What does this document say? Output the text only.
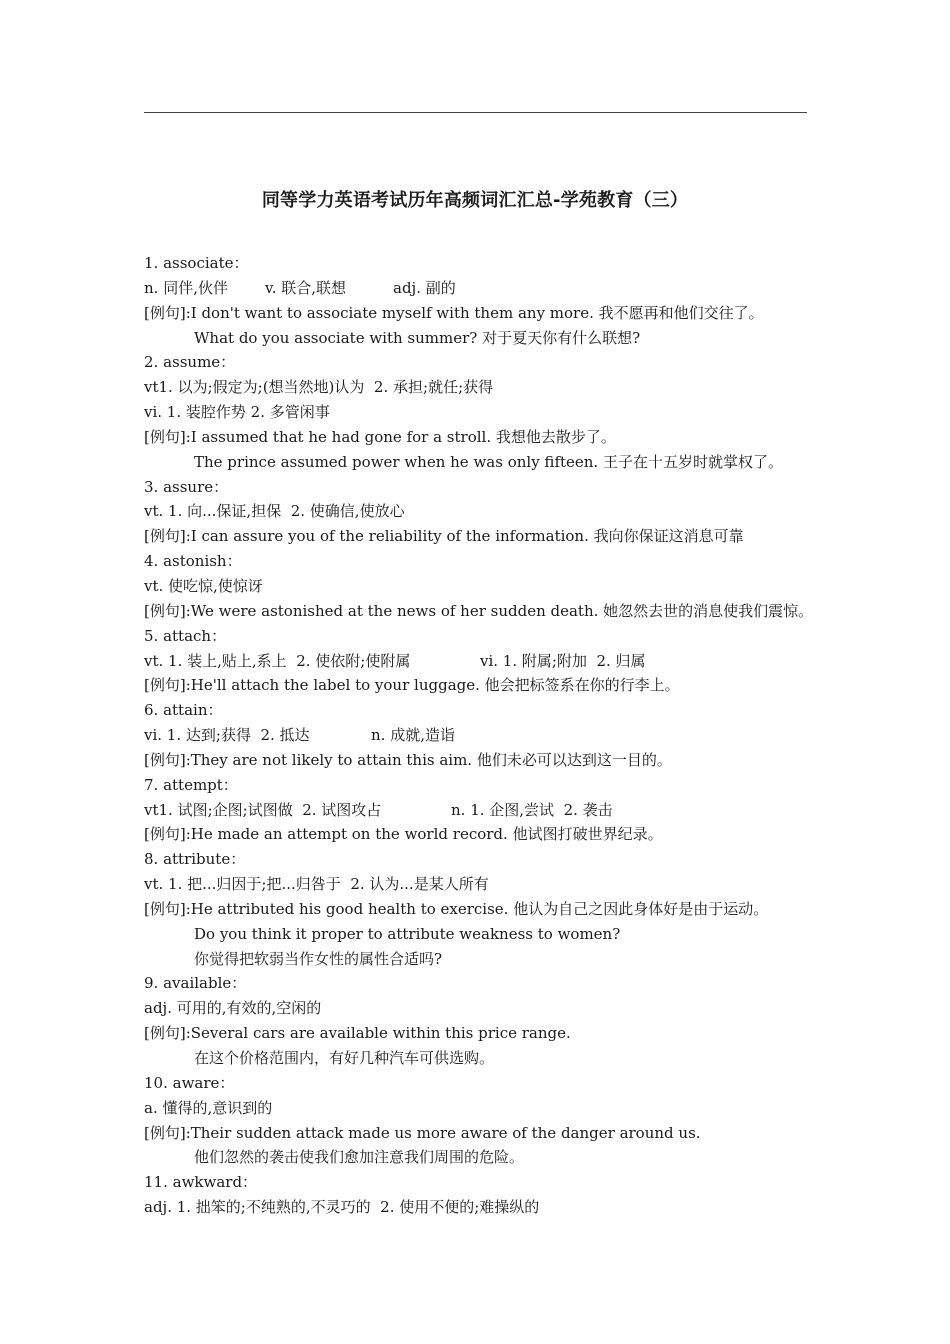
同等学力英语考试历年高频词汇汇总-学苑教育（三）
1. associate：
n. 同伴,伙伴 v. 联合,联想	adj. 副的
[例句]:I don't want to associate myself with them any more. 我不愿再和他们交往了。
What do you associate with summer? 对于夏天你有什么联想?
2. assume：
vt1. 以为;假定为;(想当然地)认为  2. 承担;就任;获得
vi. 1. 装腔作势 2. 多管闲事
[例句]:I assumed that he had gone for a stroll. 我想他去散步了。
The prince assumed power when he was only fifteen. 王子在十五岁时就掌权了。
3. assure：
vt. 1. 向...保证,担保  2. 使确信,使放心
[例句]:I can assure you of the reliability of the information. 我向你保证这消息可靠
4. astonish：
vt. 使吃惊,使惊讶
[例句]:We were astonished at the news of her sudden death. 她忽然去世的消息使我们震惊。
5. attach：
vt. 1. 装上,贴上,系上  2. 使依附;使附属	vi. 1. 附属;附加  2. 归属
[例句]:He'll attach the label to your luggage. 他会把标签系在你的行李上。
6. attain：
vi. 1. 达到;获得  2. 抵达	n. 成就,造诣
[例句]:They are not likely to attain this aim. 他们未必可以达到这一目的。
7. attempt：
vt1. 试图;企图;试图做  2. 试图攻占	n. 1. 企图,尝试  2. 袭击
[例句]:He made an attempt on the world record. 他试图打破世界纪录。
8. attribute：
vt. 1. 把...归因于;把...归咎于  2. 认为...是某人所有
[例句]:He attributed his good health to exercise. 他认为自己之因此身体好是由于运动。
Do you think it proper to attribute weakness to women?
你觉得把软弱当作女性的属性合适吗?
9. available：
adj. 可用的,有效的,空闲的
[例句]:Several cars are available within this price range.
在这个价格范围内，有好几种汽车可供选购。
10. aware：
a. 懂得的,意识到的
[例句]:Their sudden attack made us more aware of the danger around us.
他们忽然的袭击使我们愈加注意我们周围的危险。
11. awkward：
adj. 1. 拙笨的;不纯熟的,不灵巧的  2. 使用不便的;难操纵的
